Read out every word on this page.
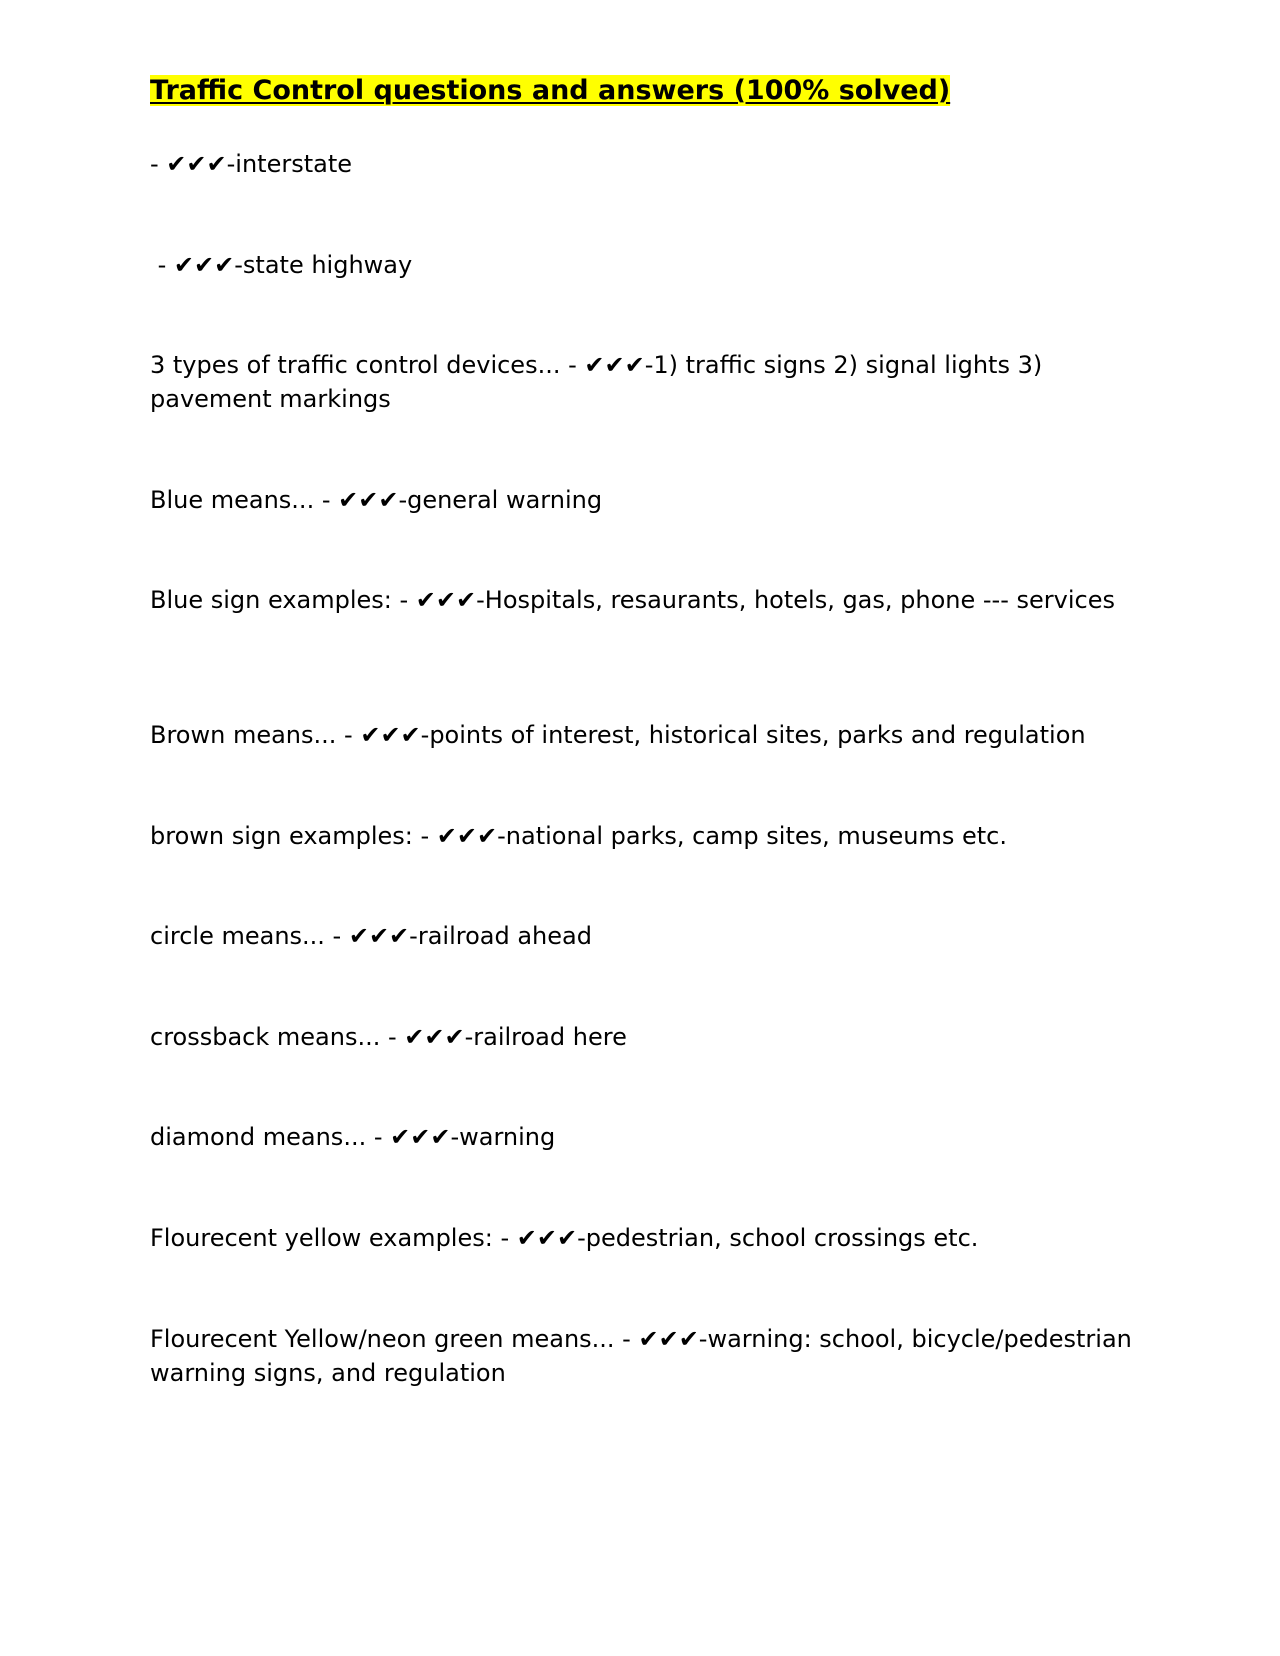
Traffic Control questions and answers (100% solved)

- ✔✔✔-interstate

- ✔✔✔-state highway

3 types of traffic control devices... - ✔✔✔-1) traffic signs 2) signal lights 3) pavement markings

Blue means... - ✔✔✔-general warning

Blue sign examples: - ✔✔✔-Hospitals, resaurants, hotels, gas, phone --- services

Brown means... - ✔✔✔-points of interest, historical sites, parks and regulation

brown sign examples: - ✔✔✔-national parks, camp sites, museums etc.

circle means... - ✔✔✔-railroad ahead

crossback means... - ✔✔✔-railroad here

diamond means... - ✔✔✔-warning

Flourecent yellow examples: - ✔✔✔-pedestrian, school crossings etc.

Flourecent Yellow/neon green means... - ✔✔✔-warning: school, bicycle/pedestrian warning signs, and regulation
